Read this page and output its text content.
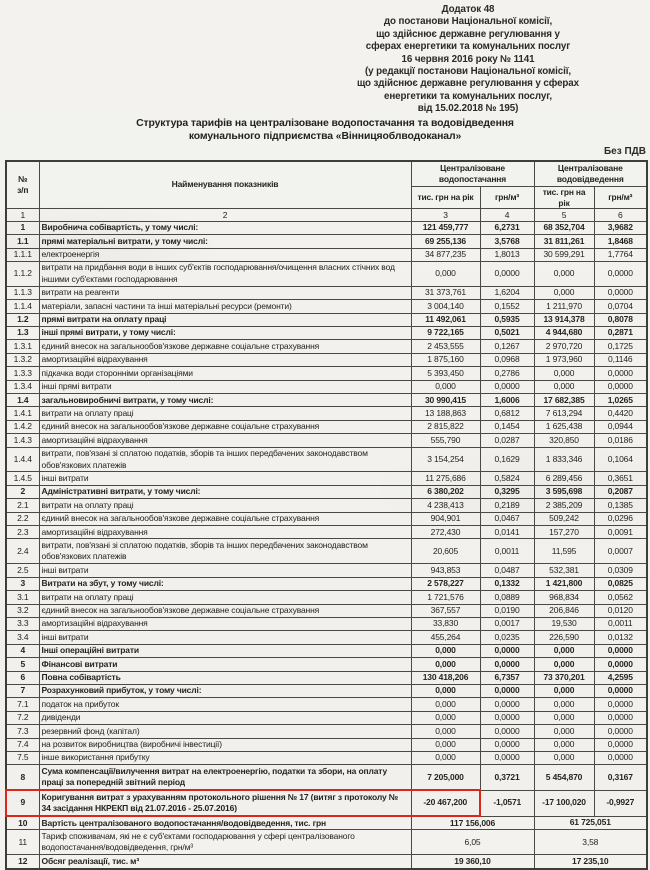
Додаток 48
до постанови Національної комісії,
що здійснює державне регулювання у
сферах енергетики та комунальних послуг
16 червня 2016 року № 1141
(у редакції постанови Національної комісії,
що здійснює державне регулювання у сферах
енергетики та комунальних послуг,
від 15.02.2018 № 195)
Структура тарифів на централізоване водопостачання та водовідведення
комунального підприємства «Вінницяоблводоканал»
Без ПДВ
№
з/п	Найменування показників	Централізоване водопостачання		Централізоване водовідведення	
		тис. грн на рік	грн/м³	тис. грн на рік	грн/м³
1	2	3	4	5	6
1	Виробнича собівартість, у тому числі:	121 459,777	6,2731	68 352,704	3,9682
1.1	прямі матеріальні витрати, у тому числі:	69 255,136	3,5768	31 811,261	1,8468
1.1.1	електроенергія	34 877,235	1,8013	30 599,291	1,7764
1.1.2	витрати на придбання води в інших суб'єктів господарювання/очищення власних стічних вод іншими суб'єктами господарювання	0,000	0,0000	0,000	0,0000
1.1.3	витрати на реагенти	31 373,761	1,6204	0,000	0,0000
1.1.4	матеріали, запасні частини та інші матеріальні ресурси (ремонти)	3 004,140	0,1552	1 211,970	0,0704
1.2	прямі витрати на оплату праці	11 492,061	0,5935	13 914,378	0,8078
1.3	інші прямі витрати, у тому числі:	9 722,165	0,5021	4 944,680	0,2871
1.3.1	єдиний внесок на загальнообов'язкове державне соціальне страхування	2 453,555	0,1267	2 970,720	0,1725
1.3.2	амортизаційні відрахування	1 875,160	0,0968	1 973,960	0,1146
1.3.3	підкачка води сторонніми організаціями	5 393,450	0,2786	0,000	0,0000
1.3.4	інші прямі витрати	0,000	0,0000	0,000	0,0000
1.4	загальновиробничі витрати, у тому числі:	30 990,415	1,6006	17 682,385	1,0265
1.4.1	витрати на оплату праці	13 188,863	0,6812	7 613,294	0,4420
1.4.2	єдиний внесок на загальнообов'язкове державне соціальне страхування	2 815,822	0,1454	1 625,438	0,0944
1.4.3	амортизаційні відрахування	555,790	0,0287	320,850	0,0186
1.4.4	витрати, пов'язані зі сплатою податків, зборів та інших передбачених законодавством обов'язкових платежів	3 154,254	0,1629	1 833,346	0,1064
1.4.5	інші витрати	11 275,686	0,5824	6 289,456	0,3651
2	Адміністративні витрати, у тому числі:	6 380,202	0,3295	3 595,698	0,2087
2.1	витрати на оплату праці	4 238,413	0,2189	2 385,209	0,1385
2.2	єдиний внесок на загальнообов'язкове державне соціальне страхування	904,901	0,0467	509,242	0,0296
2.3	амортизаційні відрахування	272,430	0,0141	157,270	0,0091
2.4	витрати, пов'язані зі сплатою податків, зборів та інших передбачених законодавством обов'язкових платежів	20,605	0,0011	11,595	0,0007
2.5	інші витрати	943,853	0,0487	532,381	0,0309
3	Витрати на збут, у тому числі:	2 578,227	0,1332	1 421,800	0,0825
3.1	витрати на оплату праці	1 721,576	0,0889	968,834	0,0562
3.2	єдиний внесок на загальнообов'язкове державне соціальне страхування	367,557	0,0190	206,846	0,0120
3.3	амортизаційні відрахування	33,830	0,0017	19,530	0,0011
3.4	інші витрати	455,264	0,0235	226,590	0,0132
4	Інші операційні витрати	0,000	0,0000	0,000	0,0000
5	Фінансові витрати	0,000	0,0000	0,000	0,0000
6	Повна собівартість	130 418,206	6,7357	73 370,201	4,2595
7	Розрахунковий прибуток, у тому числі:	0,000	0,0000	0,000	0,0000
7.1	податок на прибуток	0,000	0,0000	0,000	0,0000
7.2	дивіденди	0,000	0,0000	0,000	0,0000
7.3	резервний фонд (капітал)	0,000	0,0000	0,000	0,0000
7.4	на розвиток виробництва (виробничі інвестиції)	0,000	0,0000	0,000	0,0000
7.5	інше використання прибутку	0,000	0,0000	0,000	0,0000
8	Сума компенсації/вилучення витрат на електроенергію, податки та збори, на оплату праці за попередній звітний період	7 205,000	0,3721	5 454,870	0,3167
9	Коригування витрат з урахуванням протокольного рішення № 17 (витяг з протоколу № 34 засідання НКРЕКП від 21.07.2016 - 25.07.2016)	-20 467,200	-1,0571	-17 100,020	-0,9927
10	Вартість централізованого водопостачання/водовідведення, тис. грн	117 156,006		61 725,051	
11	Тариф споживачам, які не є суб'єктами господарювання у сфері централізованого водопостачання/водовідведення, грн/м³	6,05		3,58	
12	Обсяг реалізації, тис. м³	19 360,10		17 235,10	
